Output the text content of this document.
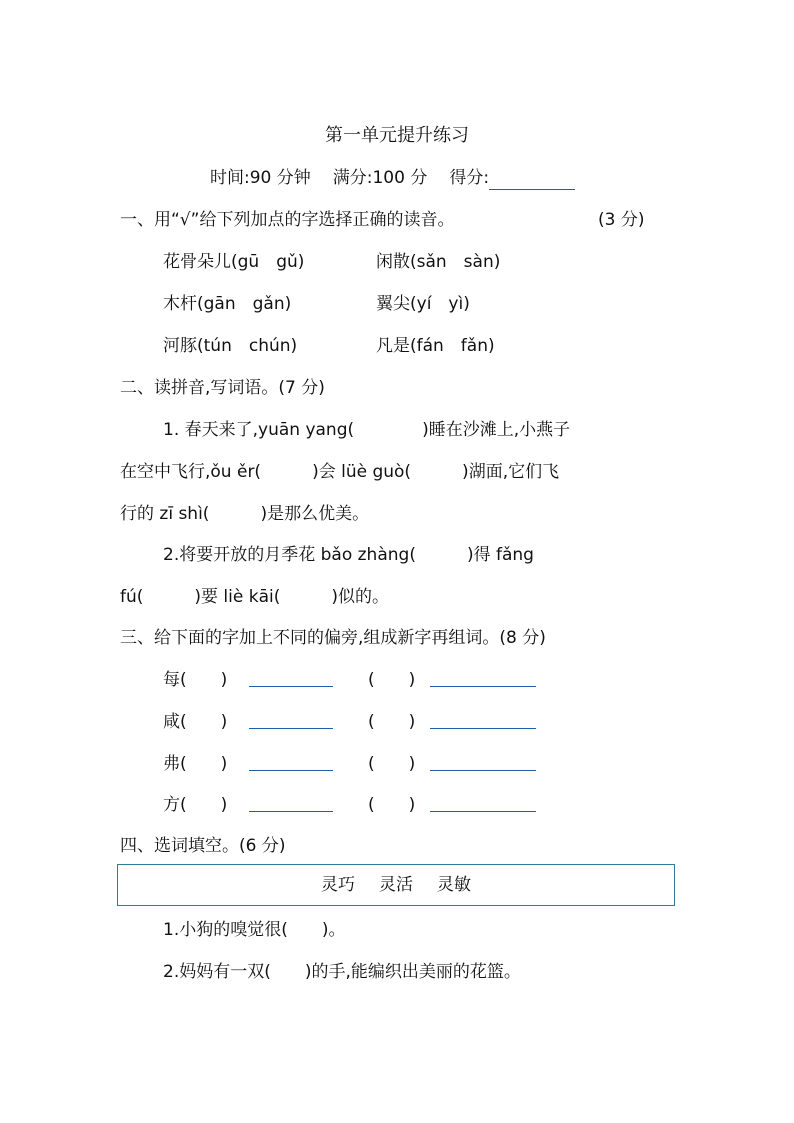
第一单元提升练习
时间:90 分钟 满分:100 分 得分:
一、用“√”给下列加点的字选择正确的读音。	(3 分)
花骨朵儿(gū　gǔ)	闲散(sǎn　sàn)
木杆(gān　gǎn)	翼尖(yí　yì)
河豚(tún　chún)	凡是(fán　fǎn)
二、读拼音,写词语。(7 分)
1. 春天来了,yuān yang(　　　　)睡在沙滩上,小燕子
在空中飞行,ǒu ěr(　　　)会 lüè guò(　　　)湖面,它们飞
行的 zī shì(　　　)是那么优美。
2.将要开放的月季花 bǎo zhàng(　　　)得 fǎng
fú(　　　)要 liè kāi(　　　)似的。
三、给下面的字加上不同的偏旁,组成新字再组词。(8 分)
每(　　)	(　　)
咸(　　)	(　　)
弗(　　)	(　　)
方(　　)	(　　)
四、选词填空。(6 分)
灵巧 灵活 灵敏
1.小狗的嗅觉很(　　)。
2.妈妈有一双(　　)的手,能编织出美丽的花篮。
